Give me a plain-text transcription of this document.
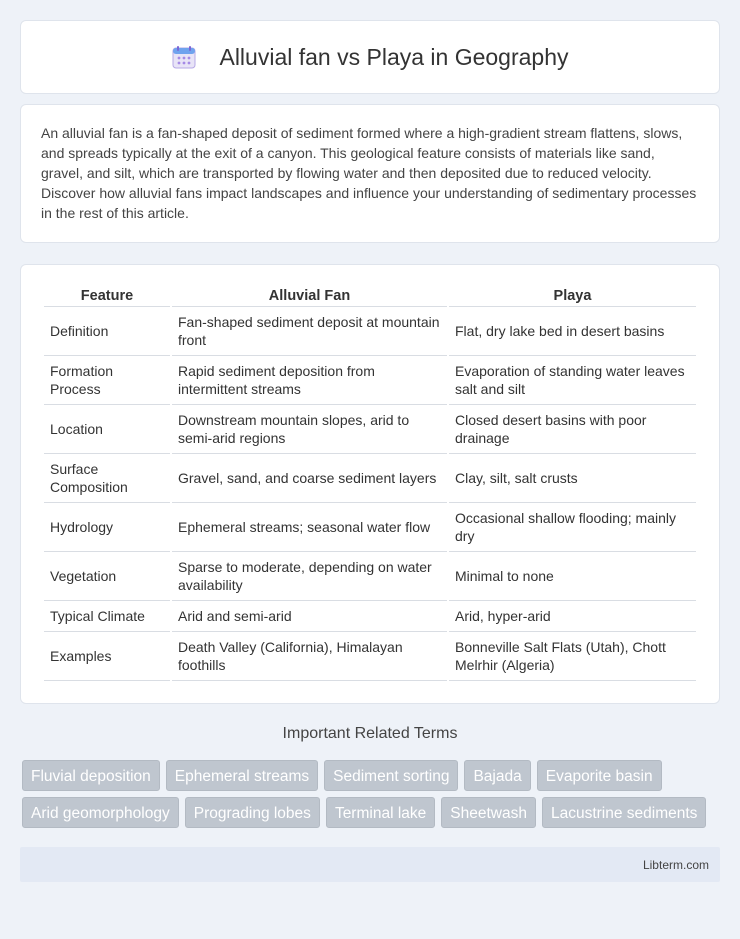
Alluvial fan vs Playa in Geography

An alluvial fan is a fan-shaped deposit of sediment formed where a high-gradient stream flattens, slows, and spreads typically at the exit of a canyon. This geological feature consists of materials like sand, gravel, and silt, which are transported by flowing water and then deposited due to reduced velocity. Discover how alluvial fans impact landscapes and influence your understanding of sedimentary processes in the rest of this article.

Feature	Alluvial Fan	Playa
Definition	Fan-shaped sediment deposit at mountain front	Flat, dry lake bed in desert basins
Formation Process	Rapid sediment deposition from intermittent streams	Evaporation of standing water leaves salt and silt
Location	Downstream mountain slopes, arid to semi-arid regions	Closed desert basins with poor drainage
Surface Composition	Gravel, sand, and coarse sediment layers	Clay, silt, salt crusts
Hydrology	Ephemeral streams; seasonal water flow	Occasional shallow flooding; mainly dry
Vegetation	Sparse to moderate, depending on water availability	Minimal to none
Typical Climate	Arid and semi-arid	Arid, hyper-arid
Examples	Death Valley (California), Himalayan foothills	Bonneville Salt Flats (Utah), Chott Melrhir (Algeria)
Important Related Terms
Fluvial deposition	Ephemeral streams	Sediment sorting	Bajada	Evaporite basin
Arid geomorphology	Prograding lobes	Terminal lake	Sheetwash	Lacustrine sediments
Libterm.com
